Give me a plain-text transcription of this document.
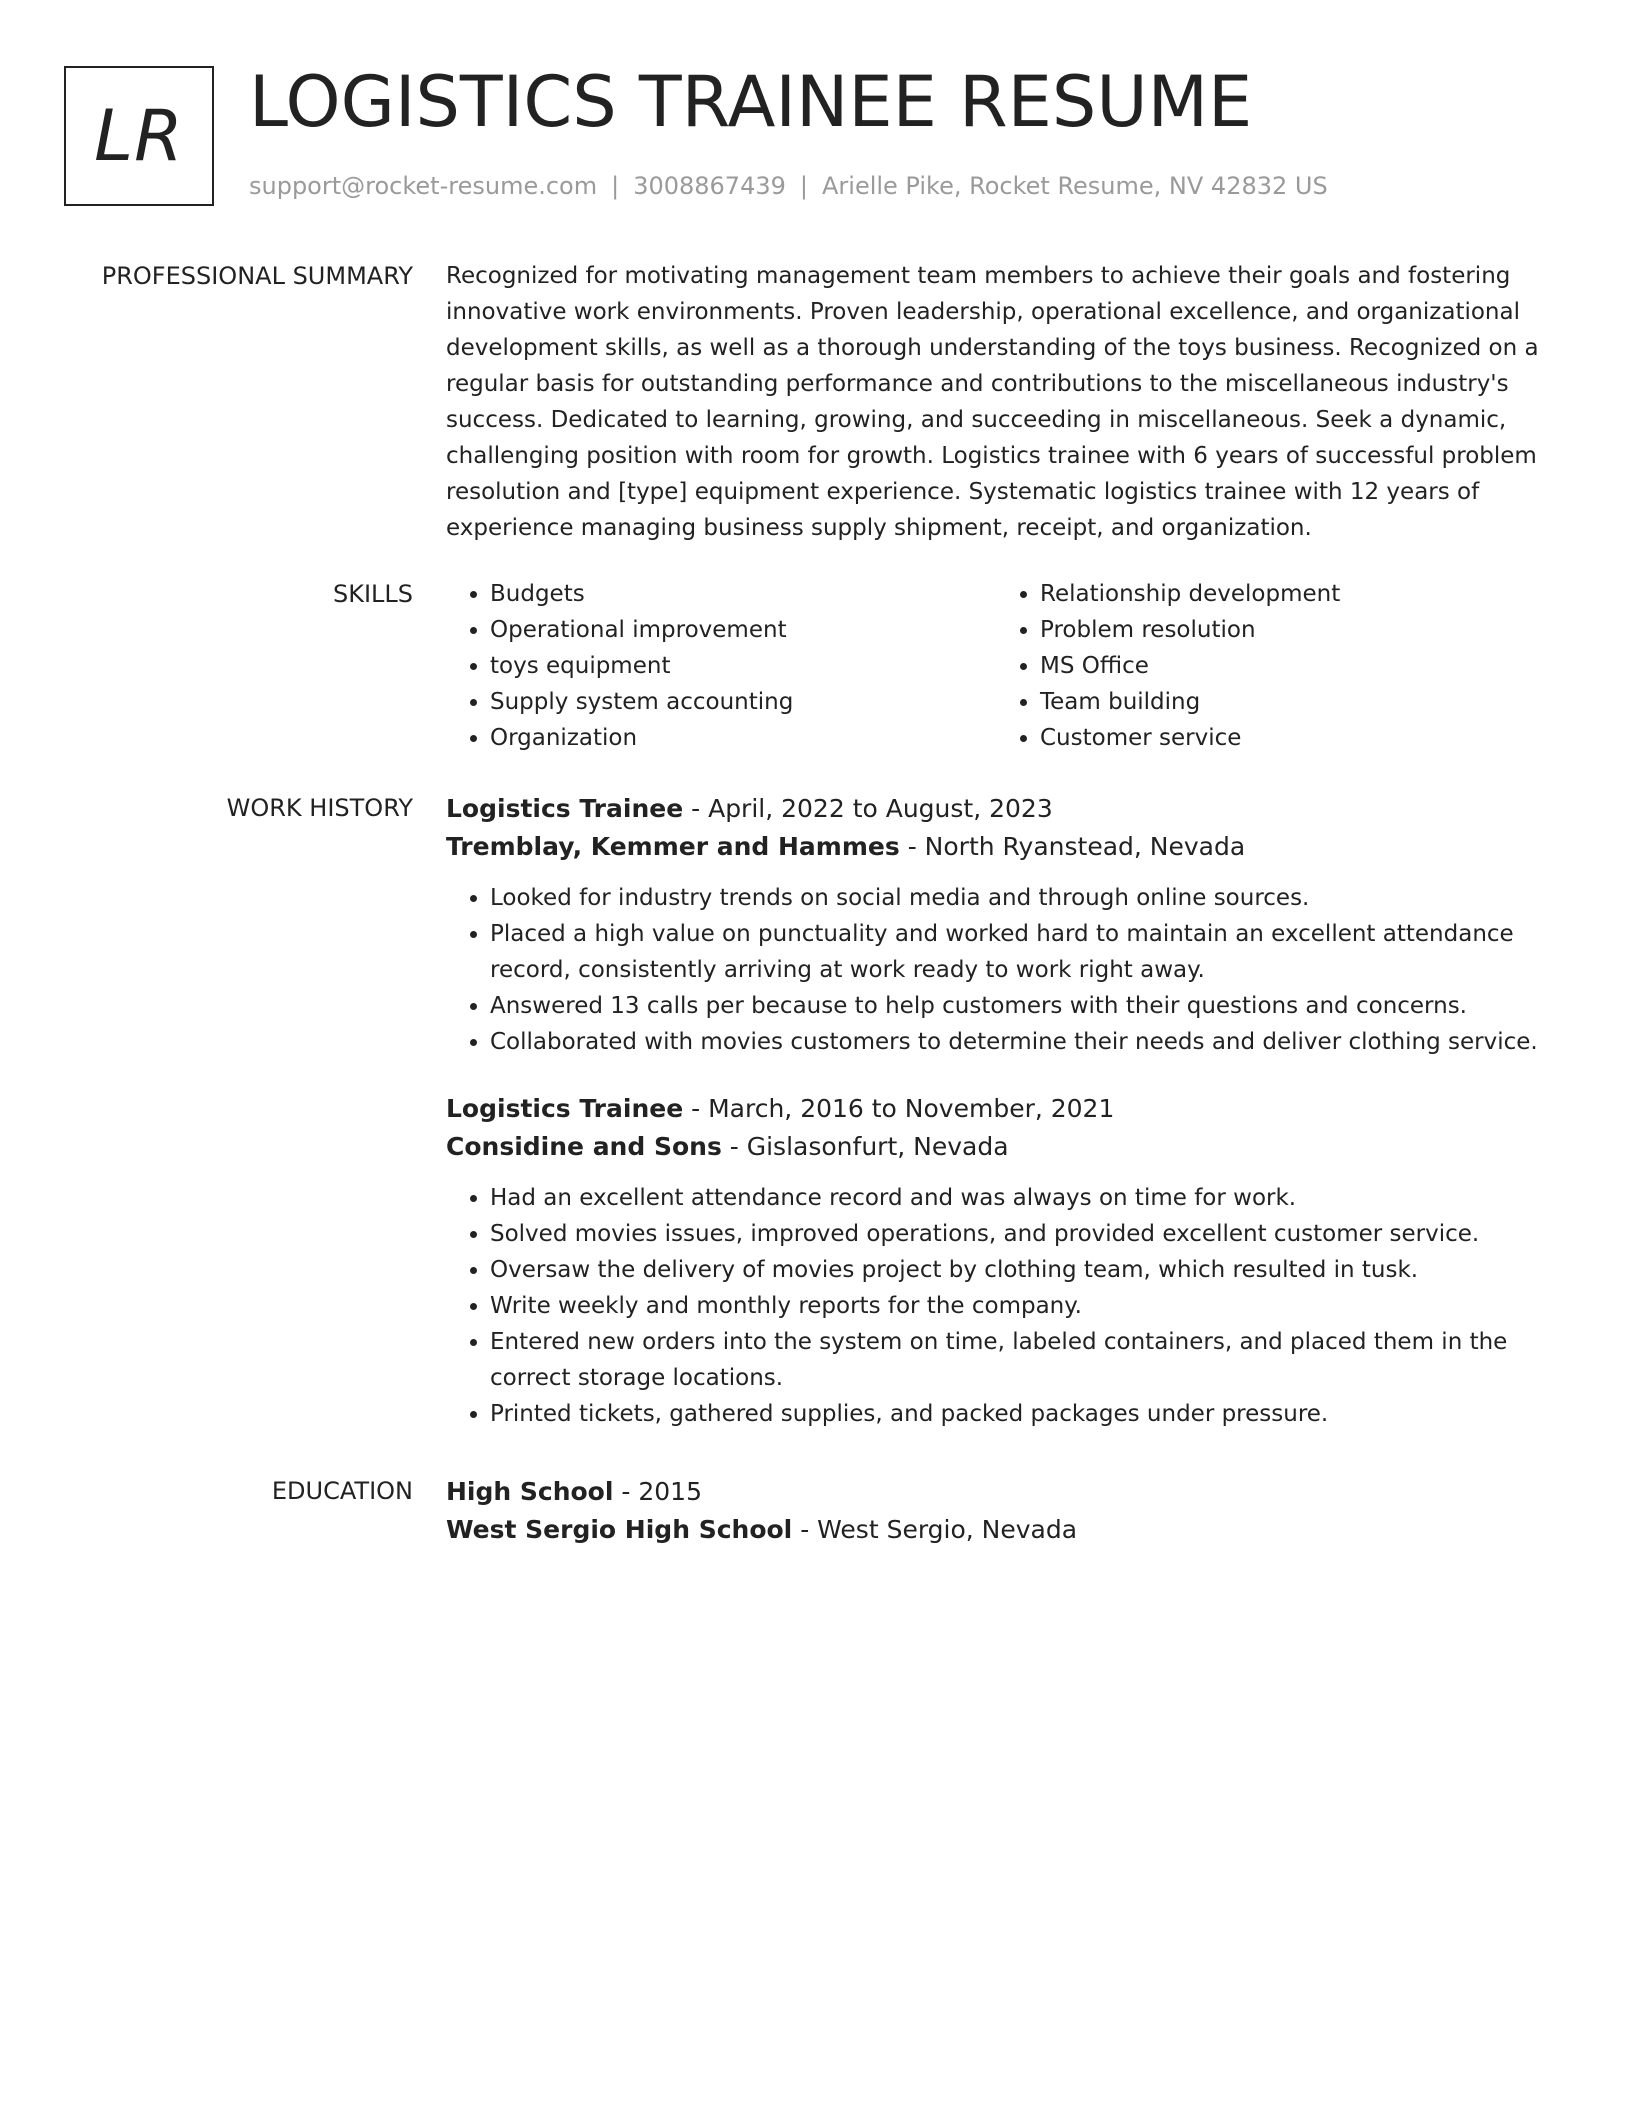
LR LOGISTICS TRAINEE RESUME
support@rocket-resume.com | 3008867439 | Arielle Pike, Rocket Resume, NV 42832 US
PROFESSIONAL SUMMARY Recognized for motivating management team members to achieve their goals and fostering innovative work environments. Proven leadership, operational excellence, and organizational development skills, as well as a thorough understanding of the toys business. Recognized on a regular basis for outstanding performance and contributions to the miscellaneous industry's success. Dedicated to learning, growing, and succeeding in miscellaneous. Seek a dynamic, challenging position with room for growth. Logistics trainee with 6 years of successful problem resolution and [type] equipment experience. Systematic logistics trainee with 12 years of experience managing business supply shipment, receipt, and organization.

SKILLS
•	Budgets
• Operational improvement
• toys equipment
• Supply system accounting
• Organization
• Relationship development
• Problem resolution
• MS Office
• Team building
• Customer service
WORK HISTORY Logistics Trainee - April, 2022 to August, 2023
Tremblay, Kemmer and Hammes - North Ryanstead, Nevada
• Looked for industry trends on social media and through online sources.
• Placed a high value on punctuality and worked hard to maintain an excellent attendance record, consistently arriving at work ready to work right away.
• Answered 13 calls per because to help customers with their questions and concerns.
• Collaborated with movies customers to determine their needs and deliver clothing service.
Logistics Trainee - March, 2016 to November, 2021
Considine and Sons - Gislasonfurt, Nevada
• Had an excellent attendance record and was always on time for work.
• Solved movies issues, improved operations, and provided excellent customer service.
• Oversaw the delivery of movies project by clothing team, which resulted in tusk.
• Write weekly and monthly reports for the company.
• Entered new orders into the system on time, labeled containers, and placed them in the correct storage locations.
• Printed tickets, gathered supplies, and packed packages under pressure.
EDUCATION High School - 2015
West Sergio High School - West Sergio, Nevada
